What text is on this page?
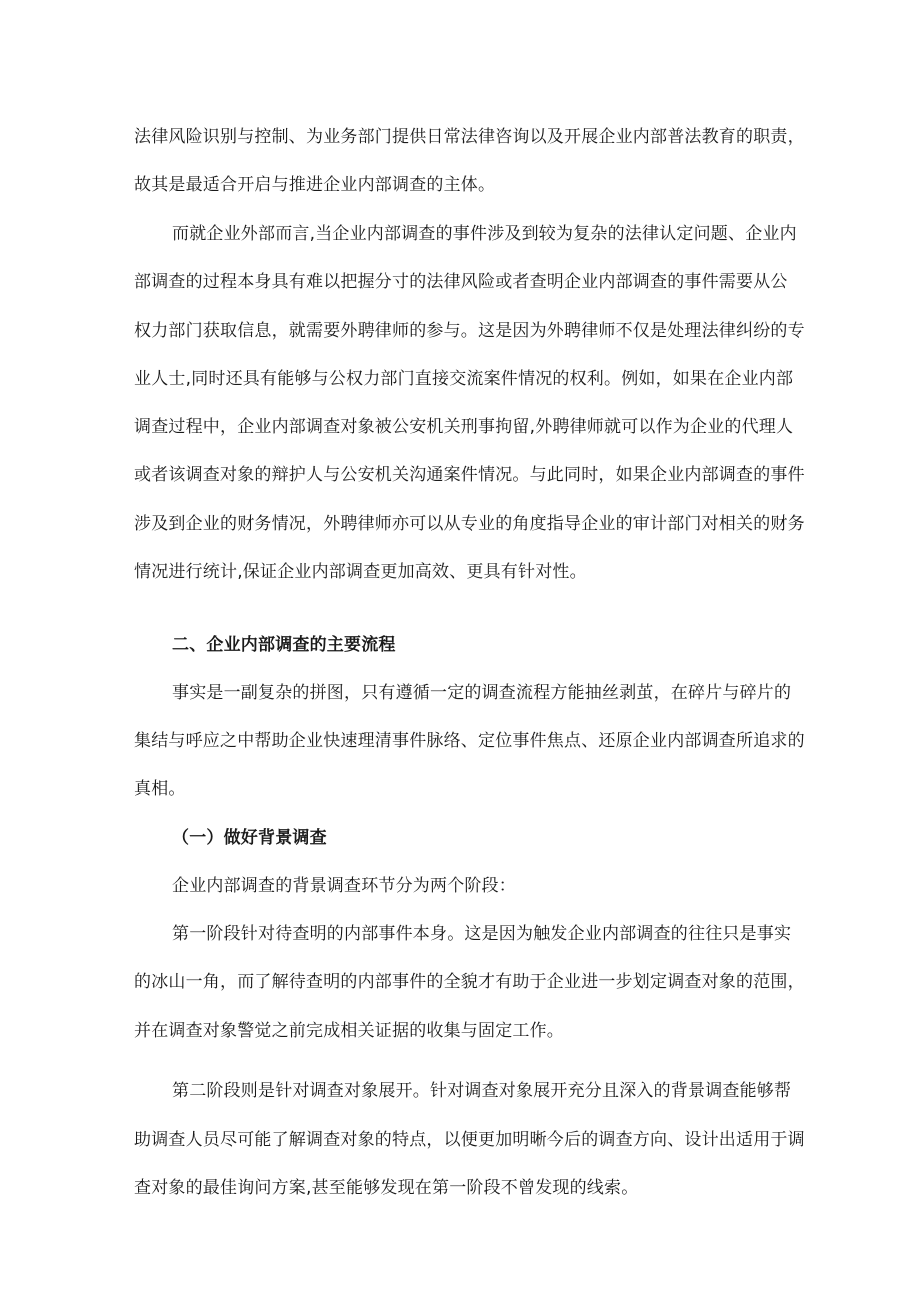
法律风险识别与控制、为业务部门提供日常法律咨询以及开展企业内部普法教育的职责，
故其是最适合开启与推进企业内部调查的主体。
而就企业外部而言,当企业内部调查的事件涉及到较为复杂的法律认定问题、企业内
部调查的过程本身具有难以把握分寸的法律风险或者查明企业内部调查的事件需要从公
权力部门获取信息，就需要外聘律师的参与。这是因为外聘律师不仅是处理法律纠纷的专
业人士,同时还具有能够与公权力部门直接交流案件情况的权利。例如，如果在企业内部
调查过程中，企业内部调查对象被公安机关刑事拘留,外聘律师就可以作为企业的代理人
或者该调查对象的辩护人与公安机关沟通案件情况。与此同时，如果企业内部调查的事件
涉及到企业的财务情况，外聘律师亦可以从专业的角度指导企业的审计部门对相关的财务
情况进行统计,保证企业内部调查更加高效、更具有针对性。
二、企业内部调查的主要流程
事实是一副复杂的拼图，只有遵循一定的调查流程方能抽丝剥茧，在碎片与碎片的
集结与呼应之中帮助企业快速理清事件脉络、定位事件焦点、还原企业内部调查所追求的
真相。
（一）做好背景调查
企业内部调查的背景调查环节分为两个阶段：
第一阶段针对待查明的内部事件本身。这是因为触发企业内部调查的往往只是事实
的冰山一角，而了解待查明的内部事件的全貌才有助于企业进一步划定调查对象的范围，
并在调查对象警觉之前完成相关证据的收集与固定工作。
第二阶段则是针对调查对象展开。针对调查对象展开充分且深入的背景调查能够帮
助调查人员尽可能了解调查对象的特点，以便更加明晰今后的调查方向、设计出适用于调
查对象的最佳询问方案,甚至能够发现在第一阶段不曾发现的线索。
